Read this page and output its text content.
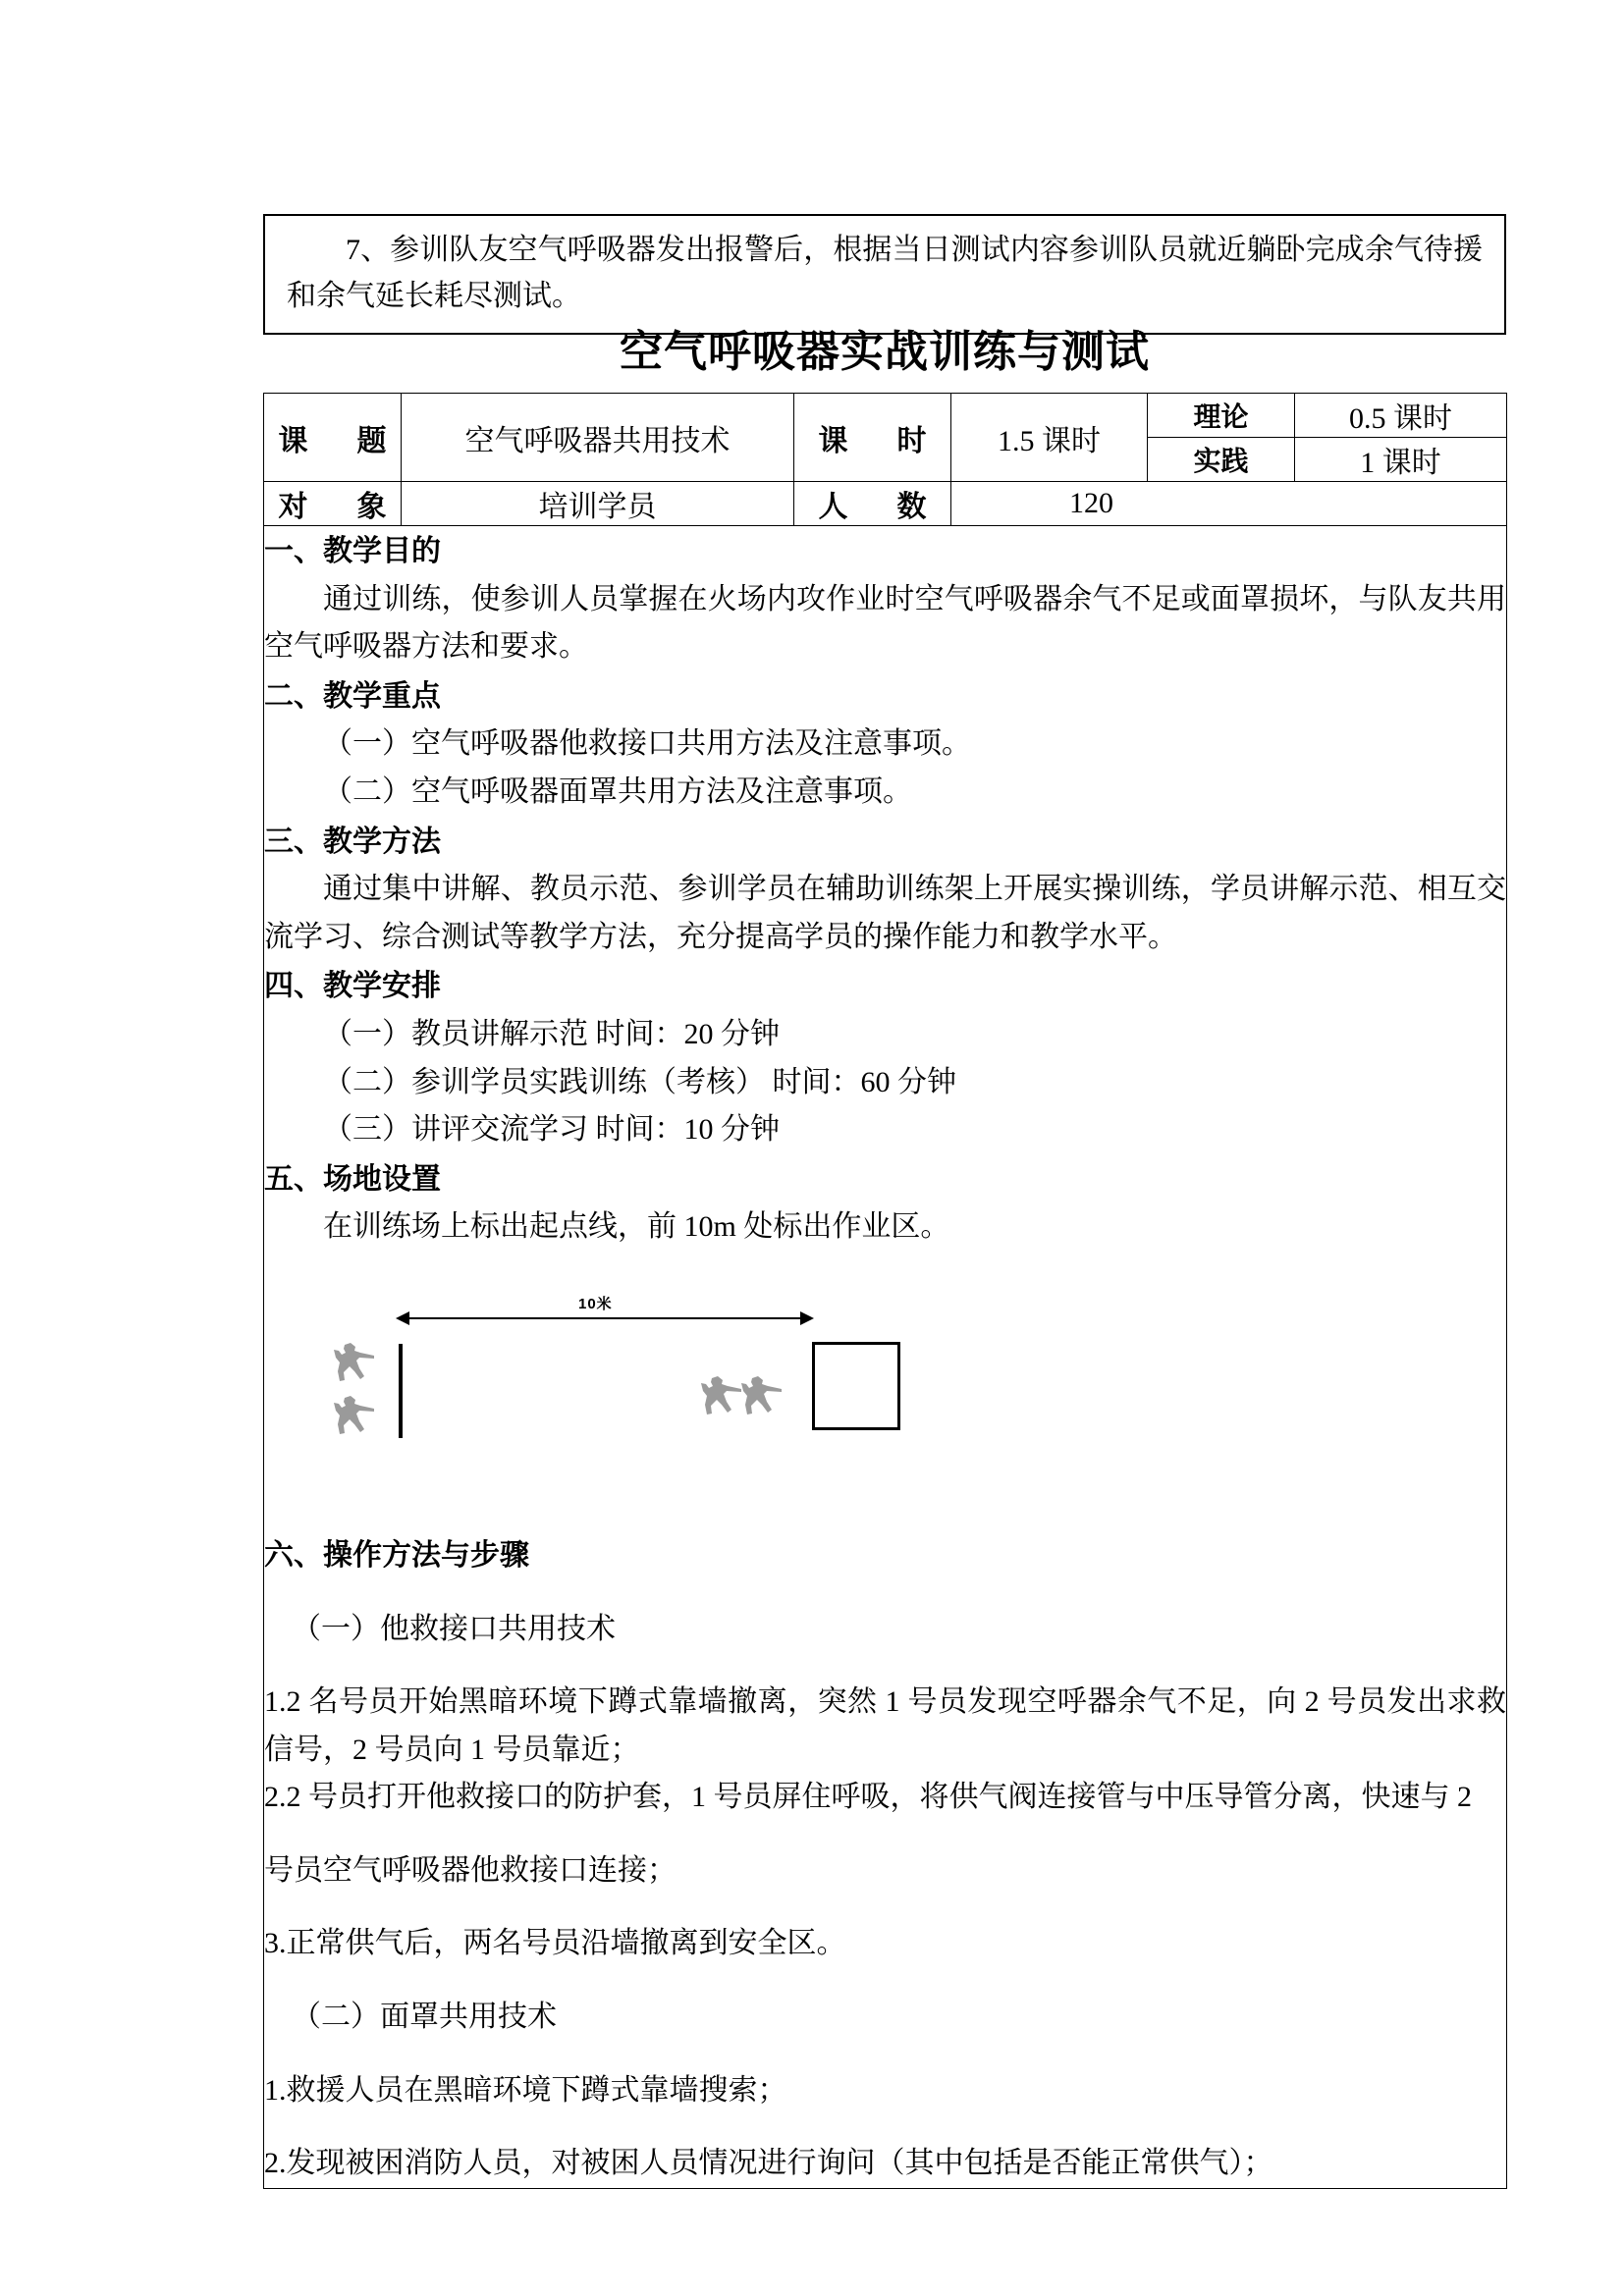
7、参训队友空气呼吸器发出报警后，根据当日测试内容参训队员就近躺卧完成余气待援和余气延长耗尽测试。
空气呼吸器实战训练与测试
课　题	空气呼吸器共用技术	课　时	1.5 课时	理论	0.5 课时
				实践	1 课时
对　象	培训学员	人　数	120		

一、教学目的

通过训练，使参训人员掌握在火场内攻作业时空气呼吸器余气不足或面罩损坏，与队友共用空气呼吸器方法和要求。

二、教学重点

（一）空气呼吸器他救接口共用方法及注意事项。

（二）空气呼吸器面罩共用方法及注意事项。

三、教学方法

通过集中讲解、教员示范、参训学员在辅助训练架上开展实操训练，学员讲解示范、相互交流学习、综合测试等教学方法，充分提高学员的操作能力和教学水平。

四、教学安排

（一）教员讲解示范 时间：20 分钟

（二）参训学员实践训练（考核） 时间：60 分钟

（三）讲评交流学习 时间：10 分钟

五、场地设置

在训练场上标出起点线，前 10m 处标出作业区。

10米
六、操作方法与步骤

（一）他救接口共用技术

1.2 名号员开始黑暗环境下蹲式靠墙撤离，突然 1 号员发现空呼器余气不足，向 2 号员发出求救信号，2 号员向 1 号员靠近；

2.2 号员打开他救接口的防护套，1 号员屏住呼吸，将供气阀连接管与中压导管分离，快速与 2

号员空气呼吸器他救接口连接；

3.正常供气后，两名号员沿墙撤离到安全区。

（二）面罩共用技术

1.救援人员在黑暗环境下蹲式靠墙搜索；

2.发现被困消防人员，对被困人员情况进行询问（其中包括是否能正常供气）；
